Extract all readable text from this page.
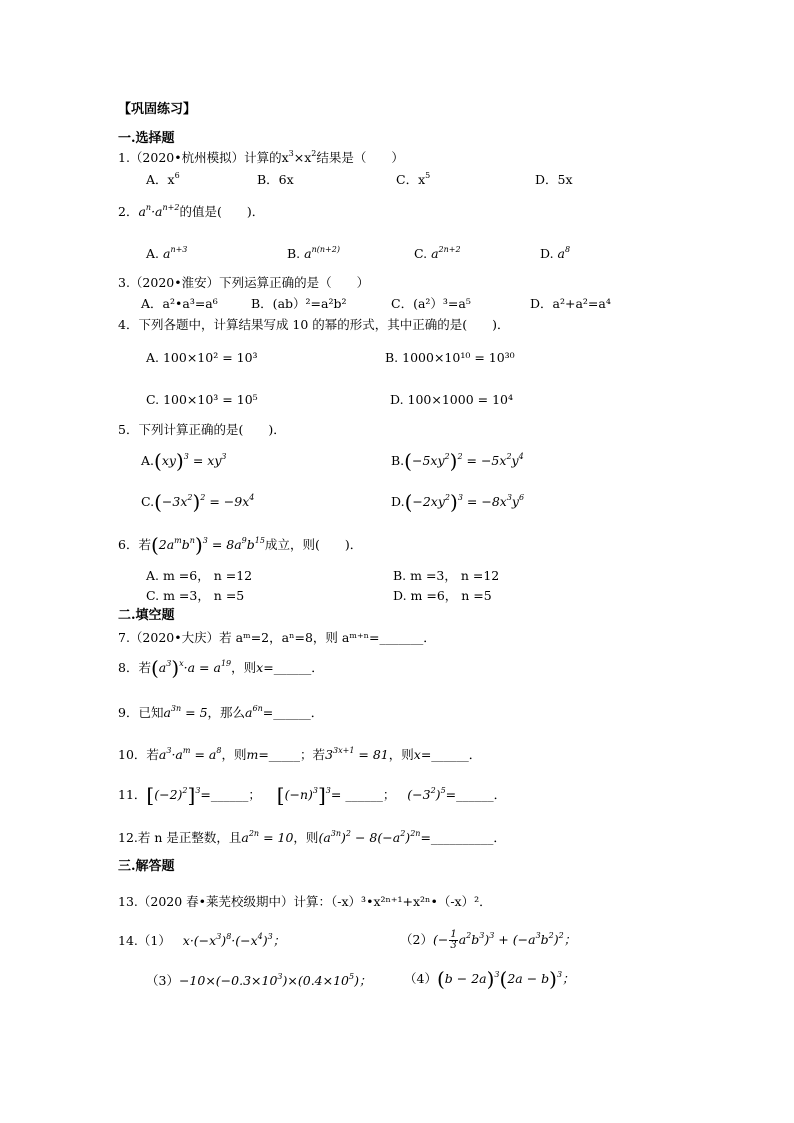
【巩固练习】
一.选择题
1.（2020•杭州模拟）计算的$x^3\times x^2$结果是（　　）
A．$x^6$	B．6x	C．$x^5$	D．5x
2．$a^n\cdot a^{n+2}$的值是(　　)．
A. $a^{n+3}$	B. $a^{n(n+2)}$	C. $a^{2n+2}$	D. $a^8$
3.（2020•淮安）下列运算正确的是（　　）
A．a²•a³=a⁶	B．(ab）²=a²b²	C．(a²）³=a⁵	D．a²+a²=a⁴
4．下列各题中，计算结果写成 10 的幂的形式，其中正确的是(　　)．
A. 100×10² = 10³	B. 1000×10¹⁰ = 10³⁰
C. 100×10³ = 10⁵	D. 100×1000 = 10⁴
5．下列计算正确的是(　　)．
$A.(xy)^3 = xy^3$	$B.(-5xy^2)^2 = -5x^2y^4$
$C.(-3x^2)^2 = -9x^4$	$D.(-2xy^2)^3 = -8x^3y^6$
6．若$(2a^mb^n)^3 = 8a^9b^{15}$成立，则(　　)．
A. m =6， n =12	B. m =3， n =12
C. m =3， n =5	D. m =6， n =5
二.填空题
7.（2020•大庆）若 aᵐ=2，aⁿ=8，则 aᵐ⁺ⁿ=_______．
8．若$(a^3)^x\cdot a = a^{19}$，则x=______．
9．已知$a^{3n} = 5$，那么$a^{6n}=\_\_\_\_\_\_$．
10．若$a^3\cdot a^m = a^8$，则m=_____；若$3^{3x+1} = 81$，则x=______．
11．$[(-2)^2]^3=\_\_\_\_\_\_$； $[(-n)^3]^3=$ ______； $(-3^2)^5=\_\_\_\_\_\_$．
12.若 n 是正整数，且$a^{2n} = 10$，则$(a^{3n})^2$ − $8(-a^2)^{2n}=\_\_\_\_\_\_\_\_\_\_$．
三.解答题
13.（2020 春•莱芜校级期中）计算：（-x）³•x²ⁿ⁺¹+x²ⁿ•（-x）²．
14.（1） $x\cdot(-x^3)^8\cdot(-x^4)^3$；	$(2)(- \frac{1}{3} a^2b^3)^3 + (-a^3b^2)^2$；
$(3)-10\times(-0.3\times 10^3)\times(0.4\times 10^5)$；	$(4)(b - 2a)^3(2a - b)^3$；
